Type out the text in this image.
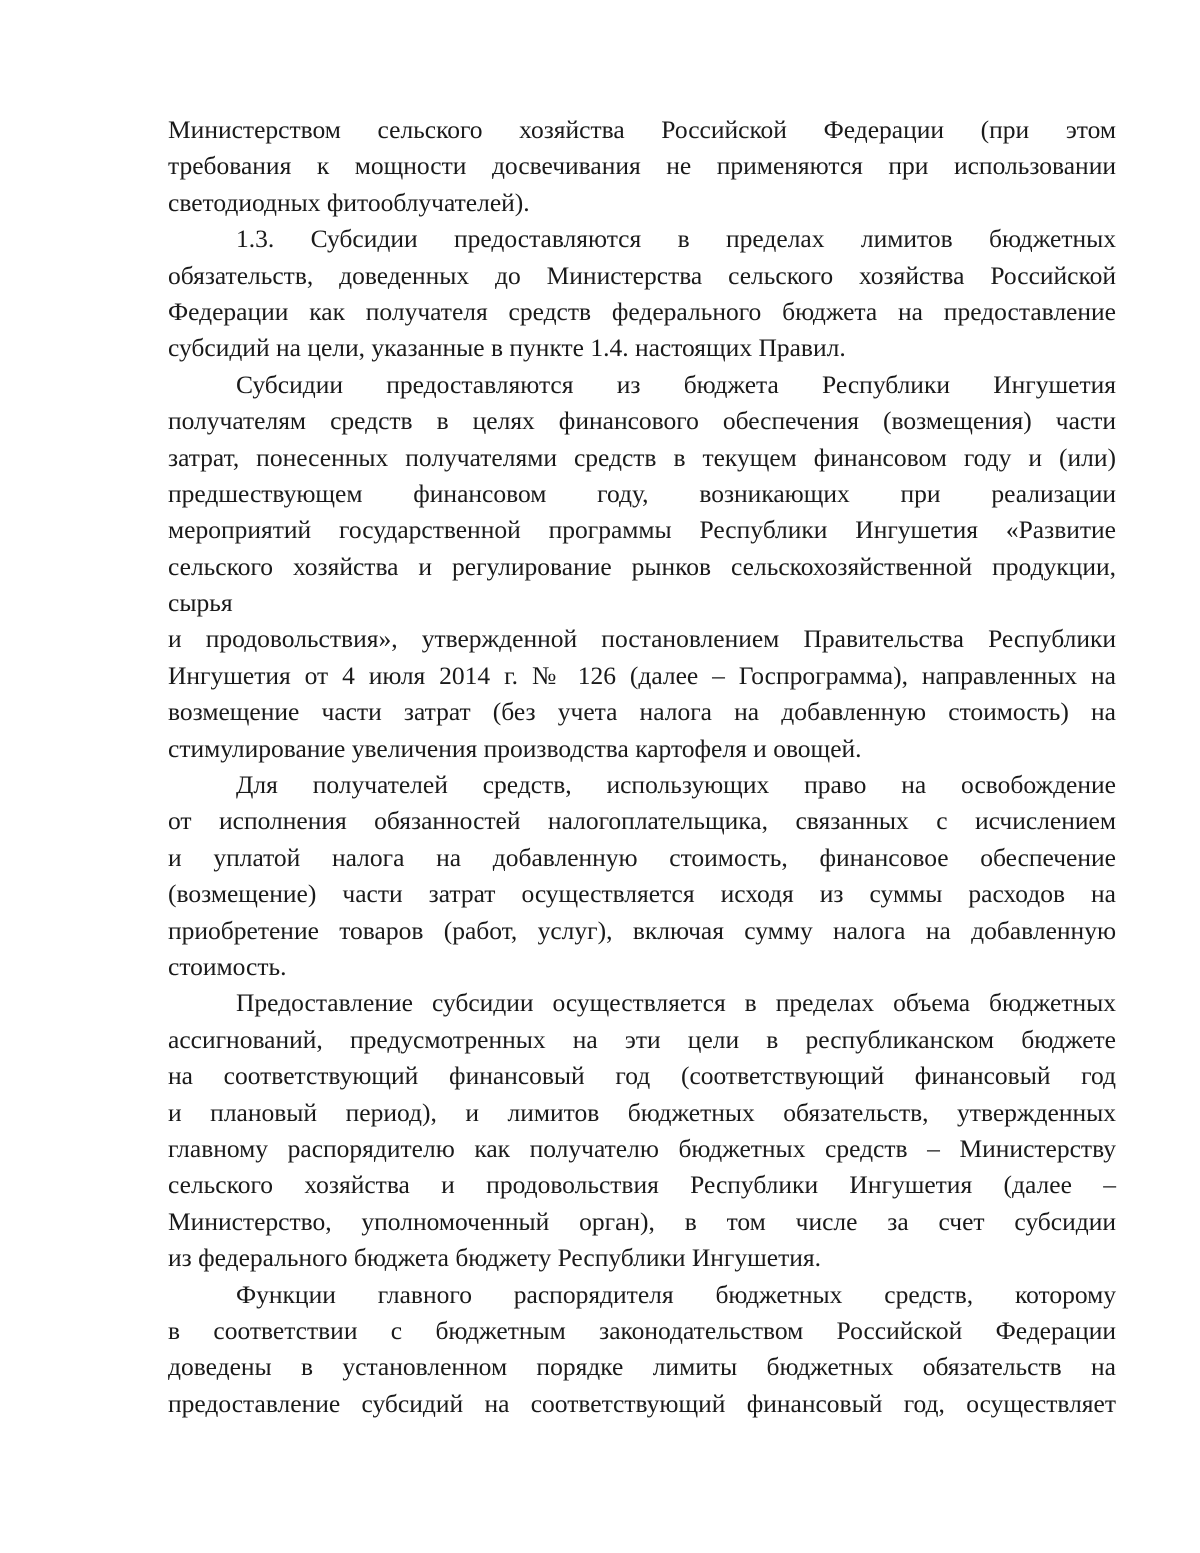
Министерством сельского хозяйства Российской Федерации (при этом
требования к мощности досвечивания не применяются при использовании
светодиодных фитооблучателей).
1.3. Субсидии предоставляются в пределах лимитов бюджетных
обязательств, доведенных до Министерства сельского хозяйства Российской
Федерации как получателя средств федерального бюджета на предоставление
субсидий на цели, указанные в пункте 1.4. настоящих Правил.
Субсидии предоставляются из бюджета Республики Ингушетия
получателям средств в целях финансового обеспечения (возмещения) части
затрат, понесенных получателями средств в текущем финансовом году и (или)
предшествующем финансовом году, возникающих при реализации
мероприятий государственной программы Республики Ингушетия «Развитие
сельского хозяйства и регулирование рынков сельскохозяйственной продукции,
сырья
и продовольствия», утвержденной постановлением Правительства Республики
Ингушетия от 4 июля 2014 г. № 126 (далее – Госпрограмма), направленных на
возмещение части затрат (без учета налога на добавленную стоимость) на
стимулирование увеличения производства картофеля и овощей.
Для получателей средств, использующих право на освобождение
от исполнения обязанностей налогоплательщика, связанных с исчислением
и уплатой налога на добавленную стоимость, финансовое обеспечение
(возмещение) части затрат осуществляется исходя из суммы расходов на
приобретение товаров (работ, услуг), включая сумму налога на добавленную
стоимость.
Предоставление субсидии осуществляется в пределах объема бюджетных
ассигнований, предусмотренных на эти цели в республиканском бюджете
на соответствующий финансовый год (соответствующий финансовый год
и плановый период), и лимитов бюджетных обязательств, утвержденных
главному распорядителю как получателю бюджетных средств – Министерству
сельского хозяйства и продовольствия Республики Ингушетия (далее –
Министерство, уполномоченный орган), в том числе за счет субсидии
из федерального бюджета бюджету Республики Ингушетия.
Функции главного распорядителя бюджетных средств, которому
в соответствии с бюджетным законодательством Российской Федерации
доведены в установленном порядке лимиты бюджетных обязательств на
предоставление субсидий на соответствующий финансовый год, осуществляет
